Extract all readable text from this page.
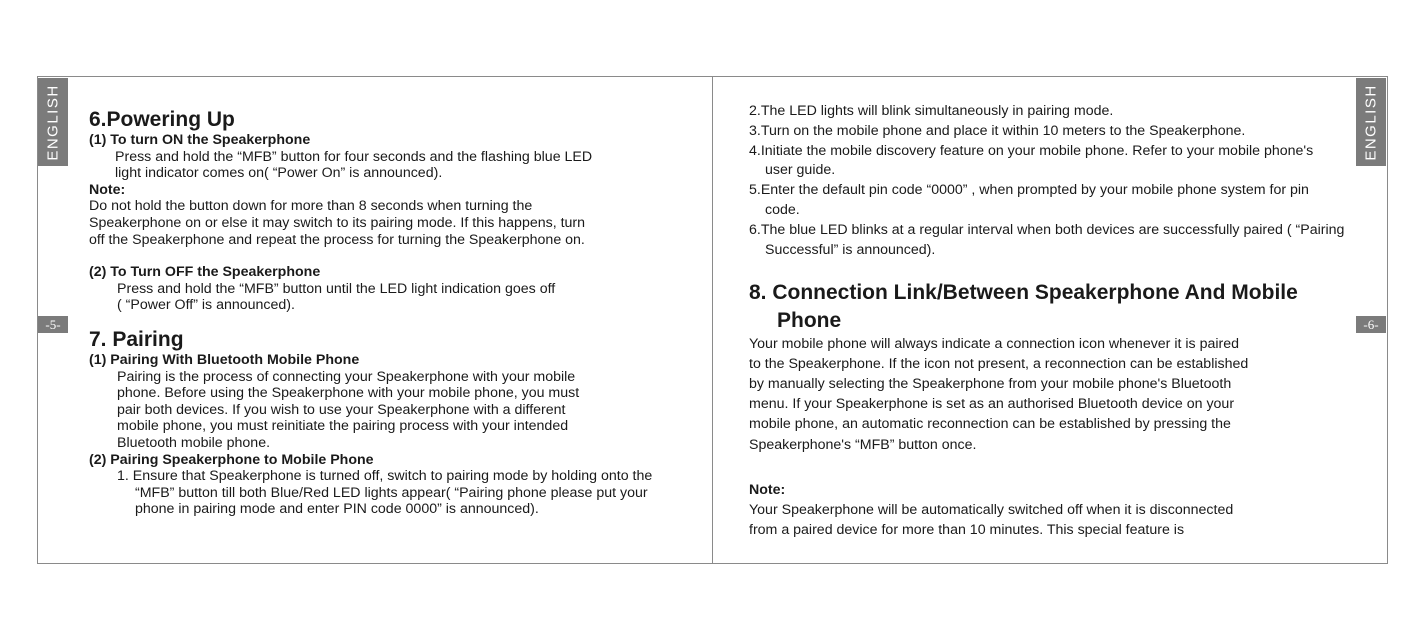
ENGLISH
-5-
ENGLISH
-6-

6.Powering Up

(1) To turn ON the Speakerphone

Press and hold the “MFB” button for four seconds and the flashing blue LED

light indicator comes on( “Power On” is announced).

Note:

Do not hold the button down for more than 8 seconds when turning the

Speakerphone on or else it may switch to its pairing mode. If this happens, turn

off the Speakerphone and repeat the process for turning the Speakerphone on.

(2) To Turn OFF the Speakerphone

Press and hold the “MFB” button until the LED light indication goes off

( “Power Off” is announced).

7. Pairing

(1) Pairing With Bluetooth Mobile Phone

Pairing is the process of connecting your Speakerphone with your mobile

phone. Before using the Speakerphone with your mobile phone, you must

pair both devices. If you wish to use your Speakerphone with a different

mobile phone, you must reinitiate the pairing process with your intended

Bluetooth mobile phone.

(2) Pairing Speakerphone to Mobile Phone

1. Ensure that Speakerphone is turned off, switch to pairing mode by holding onto the “MFB” button till both Blue/Red LED lights appear( “Pairing phone please put your phone in pairing mode and enter PIN code 0000” is announced).

2.The LED lights will blink simultaneously in pairing mode.

3.Turn on the mobile phone and place it within 10 meters to the Speakerphone.

4.Initiate the mobile discovery feature on your mobile phone. Refer to your mobile phone's user guide.

5.Enter the default pin code “0000” , when prompted by your mobile phone system for pin code.

6.The blue LED blinks at a regular interval when both devices are successfully paired ( “Pairing Successful” is announced).

8. Connection Link/Between Speakerphone And Mobile Phone

Your mobile phone will always indicate a connection icon whenever it is paired

to the Speakerphone. If the icon not present, a reconnection can be established

by manually selecting the Speakerphone from your mobile phone's Bluetooth

menu. If your Speakerphone is set as an authorised Bluetooth device on your

mobile phone, an automatic reconnection can be established by pressing the

Speakerphone's “MFB” button once.

Note:

Your Speakerphone will be automatically switched off when it is disconnected

from a paired device for more than 10 minutes. This special feature is
